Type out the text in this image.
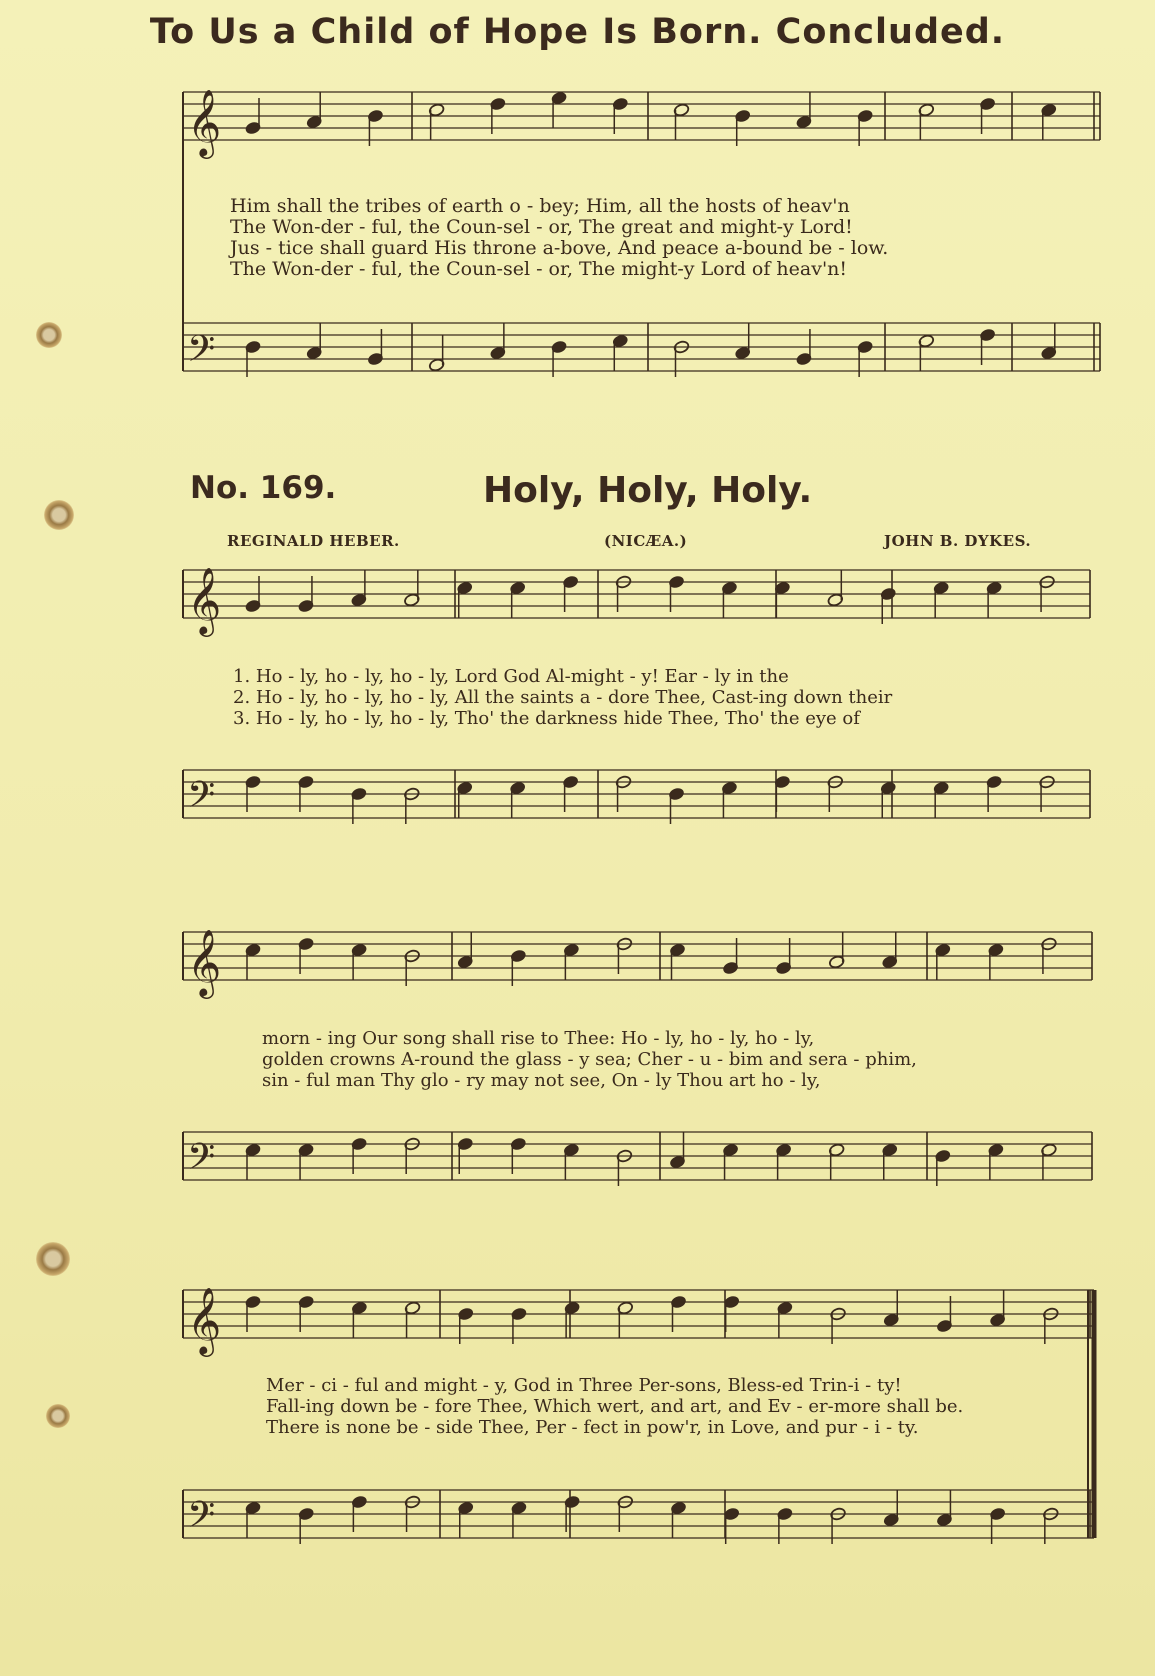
To Us a Child of Hope Is Born. Concluded.
No. 169.	Holy, Holy, Holy.
REGINALD HEBER.	(NICÆA.)	JOHN B. DYKES.
𝄞
𝄢
𝄞
𝄢
𝄞
𝄢
𝄞
𝄢
Him shall the tribes of earth o - bey; Him, all the hosts of heav'n
The Won-der - ful, the Coun-sel - or, The great and might-y Lord!
Jus - tice shall guard His throne a-bove, And peace a-bound be - low.
The Won-der - ful, the Coun-sel - or, The might-y Lord of heav'n!
1. Ho - ly, ho - ly, ho - ly, Lord God Al-might - y! Ear - ly in the
2. Ho - ly, ho - ly, ho - ly, All the saints a - dore Thee, Cast-ing down their
3. Ho - ly, ho - ly, ho - ly, Tho' the darkness hide Thee, Tho' the eye of
morn - ing Our song shall rise to Thee: Ho - ly, ho - ly, ho - ly,
golden crowns A-round the glass - y sea; Cher - u - bim and sera - phim,
sin - ful man Thy glo - ry may not see, On - ly Thou art ho - ly,
Mer - ci - ful and might - y, God in Three Per-sons, Bless-ed Trin-i - ty!
Fall-ing down be - fore Thee, Which wert, and art, and Ev - er-more shall be.
There is none be - side Thee, Per - fect in pow'r, in Love, and pur - i - ty.
